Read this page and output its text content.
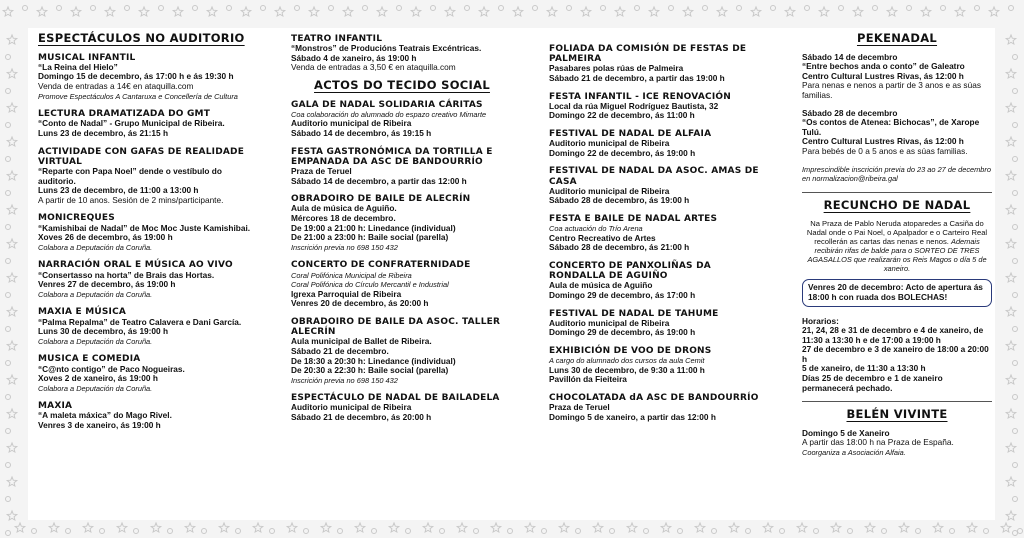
ESPECTÁCULOS NO AUDITORIO
MUSICAL INFANTIL
“La Reina del Hielo”
Domingo 15 de decembro, ás 17:00 h e ás 19:30 h
Venda de entradas a 14€ en ataquilla.com
Promove Espectáculos A Cantaruxa e Concellería de Cultura
LECTURA DRAMATIZADA DO GMT
“Conto de Nadal” - Grupo Municipal de Ribeira.
Luns 23 de decembro, ás 21:15 h
ACTIVIDADE CON GAFAS DE REALIDADE VIRTUAL
“Reparte con Papa Noel” dende o vestíbulo do auditorio.
Luns 23 de decembro, de 11:00 a 13:00 h
A partir de 10 anos. Sesión de 2 mins/participante.
MONICREQUES
“Kamishibai de Nadal” de Moc Moc Juste Kamishibai.
Xoves 26 de decembro, ás 19:00 h
Colabora a Deputación da Coruña.
NARRACIÓN ORAL E MÚSICA AO VIVO
“Consertasso na horta” de Brais das Hortas.
Venres 27 de decembro, ás 19:00 h
Colabora a Deputación da Coruña.
MAXIA E MÚSICA
“Palma Repalma” de Teatro Calavera e Dani García.
Luns 30 de decembro, ás 19:00 h
Colabora a Deputación da Coruña.
MUSICA E COMEDIA
“C@nto contigo” de Paco Nogueiras.
Xoves 2 de xaneiro, ás 19:00 h
Colabora a Deputación da Coruña.
MAXIA
“A maleta máxica” do Mago Rivel.
Venres 3 de xaneiro, ás 19:00 h
TEATRO INFANTIL
“Monstros” de Producións Teatrais Excéntricas.
Sábado 4 de xaneiro, ás 19:00 h
Venda de entradas a 3,50 € en ataquilla.com
ACTOS DO TECIDO SOCIAL
GALA DE NADAL SOLIDARIA CÁRITAS
Coa colaboración do alumnado do espazo creativo Mimarte
Auditorio municipal de Ribeira
Sábado 14 de decembro, ás 19:15 h
FESTA GASTRONÓMICA DA TORTILLA E EMPANADA DA ASC DE BANDOURRÍO
Praza de Teruel
Sábado 14 de decembro, a partir das 12:00 h
OBRADOIRO DE BAILE DE ALECRÍN
Aula de música de Aguiño.
Mércores 18 de decembro.
De 19:00 a 21:00 h: Linedance (individual)
De 21:00 a 23:00 h: Baile social (parella)
Inscrición previa no 698 150 432
CONCERTO DE CONFRATERNIDADE
Coral Polifónica Municipal de Ribeira
Coral Polifónica do Círculo Mercantil e Industrial
Igrexa Parroquial de Ribeira
Venres 20 de decembro, ás 20:00 h
OBRADOIRO DE BAILE DA ASOC. TALLER ALECRÍN
Aula municipal de Ballet de Ribeira.
Sábado 21 de decembro.
De 18:30 a 20:30 h: Linedance (individual)
De 20:30 a 22:30 h: Baile social (parella)
Inscrición previa no 698 150 432
ESPECTÁCULO DE NADAL DE BAILADELA
Auditorio municipal de Ribeira
Sábado 21 de decembro, ás 20:00 h
FOLIADA DA COMISIÓN DE FESTAS DE PALMEIRA
Pasabares polas rúas de Palmeira
Sábado 21 de decembro, a partir das 19:00 h
FESTA INFANTIL - ICE RENOVACIÓN
Local da rúa Miguel Rodríguez Bautista, 32
Domingo 22 de decembro, ás 11:00 h
FESTIVAL DE NADAL DE ALFAIA
Auditorio municipal de Ribeira
Domingo 22 de decembro, ás 19:00 h
FESTIVAL DE NADAL DA ASOC. AMAS DE CASA
Auditorio municipal de Ribeira
Sábado 28 de decembro, ás 19:00 h
FESTA E BAILE DE NADAL ARTES
Coa actuación do Trío Arena
Centro Recreativo de Artes
Sábado 28 de decembro, ás 21:00 h
CONCERTO DE PANXOLIÑAS DA RONDALLA DE AGUIÑO
Aula de música de Aguiño
Domingo 29 de decembro, ás 17:00 h
FESTIVAL DE NADAL DE TAHUME
Auditorio municipal de Ribeira
Domingo 29 de decembro, ás 19:00 h
EXHIBICIÓN DE VOO DE DRONS
A cargo do alumnado dos cursos da aula Cemit
Luns 30 de decembro, de 9:30 a 11:00 h
Pavillón da Fieiteira
CHOCOLATADA dA ASC DE BANDOURRÍO
Praza de Teruel
Domingo 5 de xaneiro, a partir das 12:00 h
PEKENADAL
Sábado 14 de decembro
“Entre bechos anda o conto” de Galeatro
Centro Cultural Lustres Rivas, ás 12:00 h
Para nenas e nenos a partir de 3 anos e as súas familias.
Sábado 28 de decembro
“Os contos de Atenea: Bichocas”, de Xarope Tulú.
Centro Cultural Lustres Rivas, ás 12:00 h
Para bebés de 0 a 5 anos e as súas familias.
Imprescindible inscrición previa do 23 ao 27 de decembro en normalizacion@ribeira.gal
RECUNCHO DE NADAL
Na Praza de Pablo Neruda atoparedes a Casiña do Nadal onde o Pai Noel, o Apalpador e o Carteiro Real recollerán as cartas das nenas e nenos. Ademais recibirán rifas de balde para o SORTEO DE TRES AGASALLOS que realizarán os Reis Magos o día 5 de xaneiro.
Venres 20 de decembro: Acto de apertura ás 18:00 h con ruada dos BOLECHAS!
Horarios:
21, 24, 28 e 31 de decembro e 4 de xaneiro, de 11:30 a 13:30 h e de 17:00 a 19:00 h
27 de decembro e 3 de xaneiro de 18:00 a 20:00 h
5 de xaneiro, de 11:30 a 13:30 h
Días 25 de decembro e 1 de xaneiro permanecerá pechado.
BELÉN VIVINTE
Domingo 5 de Xaneiro
A partir das 18:00 h na Praza de España.
Coorganiza a Asociación Alfaia.
